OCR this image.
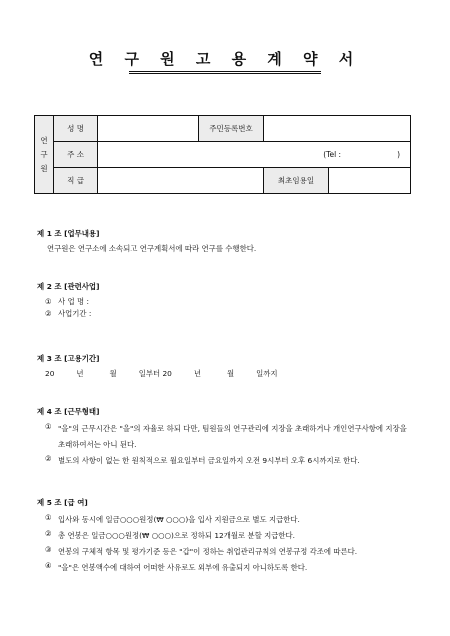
연 구 원 고 용 계 약 서
연
구
원	성 명		주민등록번호	
	주 소	(Tel : )		
	직 급			최초임용일
제 1 조 [업무내용]
연구원은 연구소에 소속되고 연구계획서에 따라 연구를 수행한다.
제 2 조 [관련사업]
① 사 업 명 :
② 사업기간 :
제 3 조 [고용기간]
20	년	월	일부터 20	년	월	일까지
제 4 조 [근무형태]
① "을"의 근무시간은 "을"의 자율로 하되 다만, 팀원들의 연구관리에 지장을 초래하거나 개인연구사항에 지장을 초래하여서는 아니 된다.
② 별도의 사항이 없는 한 원칙적으로 월요일부터 금요일까지 오전 9시부터 오후 6시까지로 한다.
제 5 조 [급 여]
① 입사와 동시에 일금○○○원정(₩ ○○○)을 입사 지원금으로 별도 지급한다.
② 총 연봉은 일금○○○원정(₩ ○○○)으로 정하되 12개월로 분할 지급한다.
③ 연봉의 구체적 항목 및 평가기준 등은 "갑"이 정하는 취업관리규칙의 연봉규정 각조에 따른다.
④ "을"은 연봉액수에 대하여 어떠한 사유로도 외부에 유출되지 아니하도록 한다.
